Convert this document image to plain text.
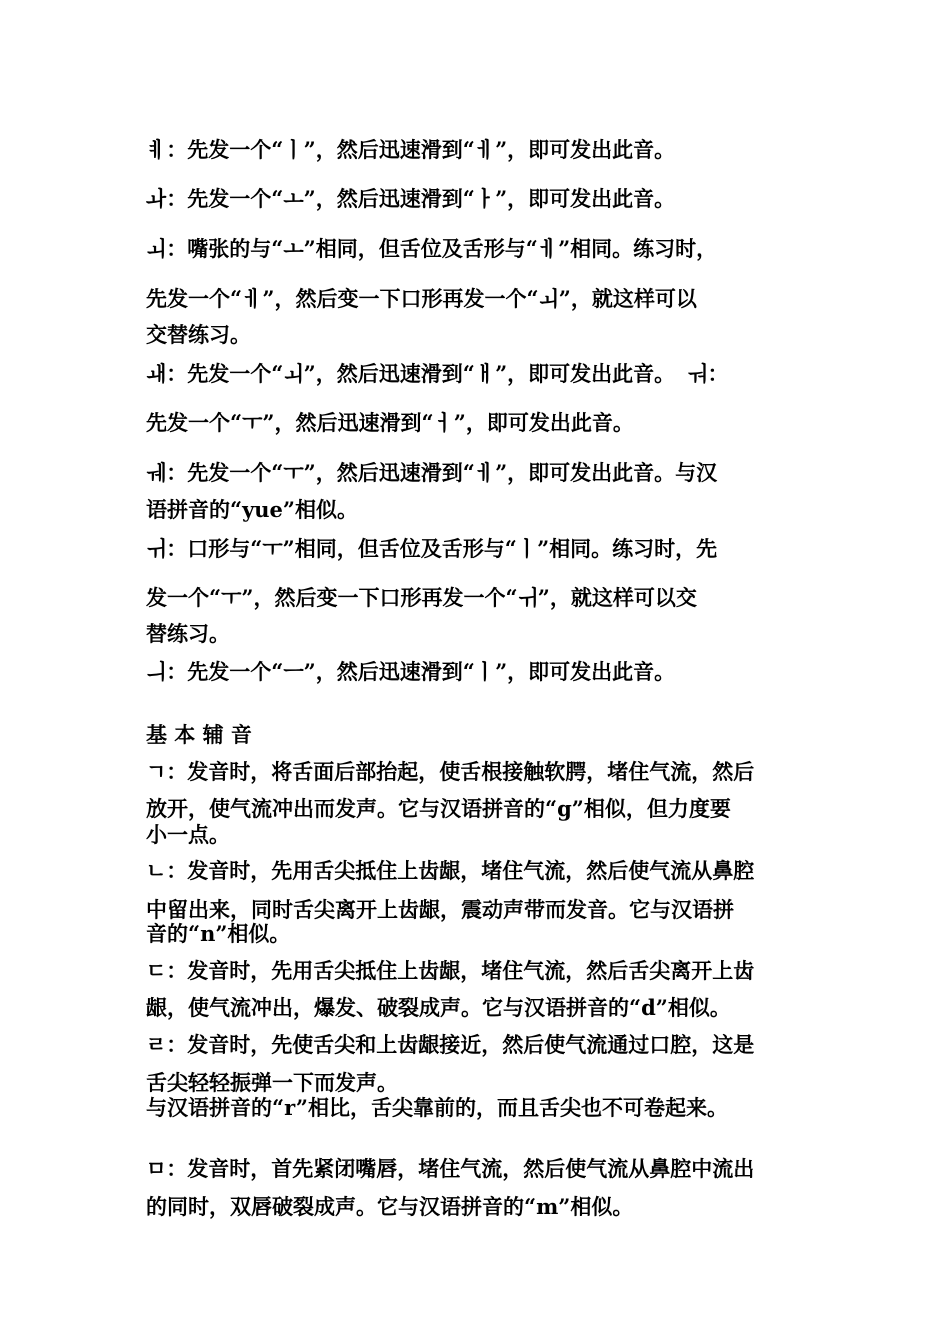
ㅖ：先发一个“ㅣ”，然后迅速滑到“ㅔ”，即可发出此音。
ㅘ：先发一个“ㅗ”，然后迅速滑到“ㅏ”，即可发出此音。
ㅚ：嘴张的与“ㅗ”相同，但舌位及舌形与“ㅔ”相同。练习时，
先发一个“ㅔ”，然后变一下口形再发一个“ㅚ”，就这样可以
交替练习。
ㅙ：先发一个“ㅚ”，然后迅速滑到“ㅐ”，即可发出此音。 ㅝ：
先发一个“ㅜ”，然后迅速滑到“ㅓ”，即可发出此音。
ㅞ：先发一个“ㅜ”，然后迅速滑到“ㅔ”，即可发出此音。与汉
语拼音的“yue”相似。
ㅟ：口形与“ㅜ”相同，但舌位及舌形与“ㅣ”相同。练习时，先
发一个“ㅜ”，然后变一下口形再发一个“ㅟ”，就这样可以交
替练习。
ㅢ：先发一个“ㅡ”，然后迅速滑到“ㅣ”，即可发出此音。
基 本 辅 音
ㄱ：发音时，将舌面后部抬起，使舌根接触软腭，堵住气流，然后
放开，使气流冲出而发声。它与汉语拼音的“g”相似，但力度要
小一点。
ㄴ：发音时，先用舌尖抵住上齿龈，堵住气流，然后使气流从鼻腔
中留出来，同时舌尖离开上齿龈，震动声带而发音。它与汉语拼
音的“n”相似。
ㄷ：发音时，先用舌尖抵住上齿龈，堵住气流，然后舌尖离开上齿
龈，使气流冲出，爆发、破裂成声。它与汉语拼音的“d”相似。
ㄹ：发音时，先使舌尖和上齿龈接近，然后使气流通过口腔，这是
舌尖轻轻振弹一下而发声。
与汉语拼音的“r”相比，舌尖靠前的，而且舌尖也不可卷起来。
ㅁ：发音时，首先紧闭嘴唇，堵住气流，然后使气流从鼻腔中流出
的同时，双唇破裂成声。它与汉语拼音的“m”相似。
